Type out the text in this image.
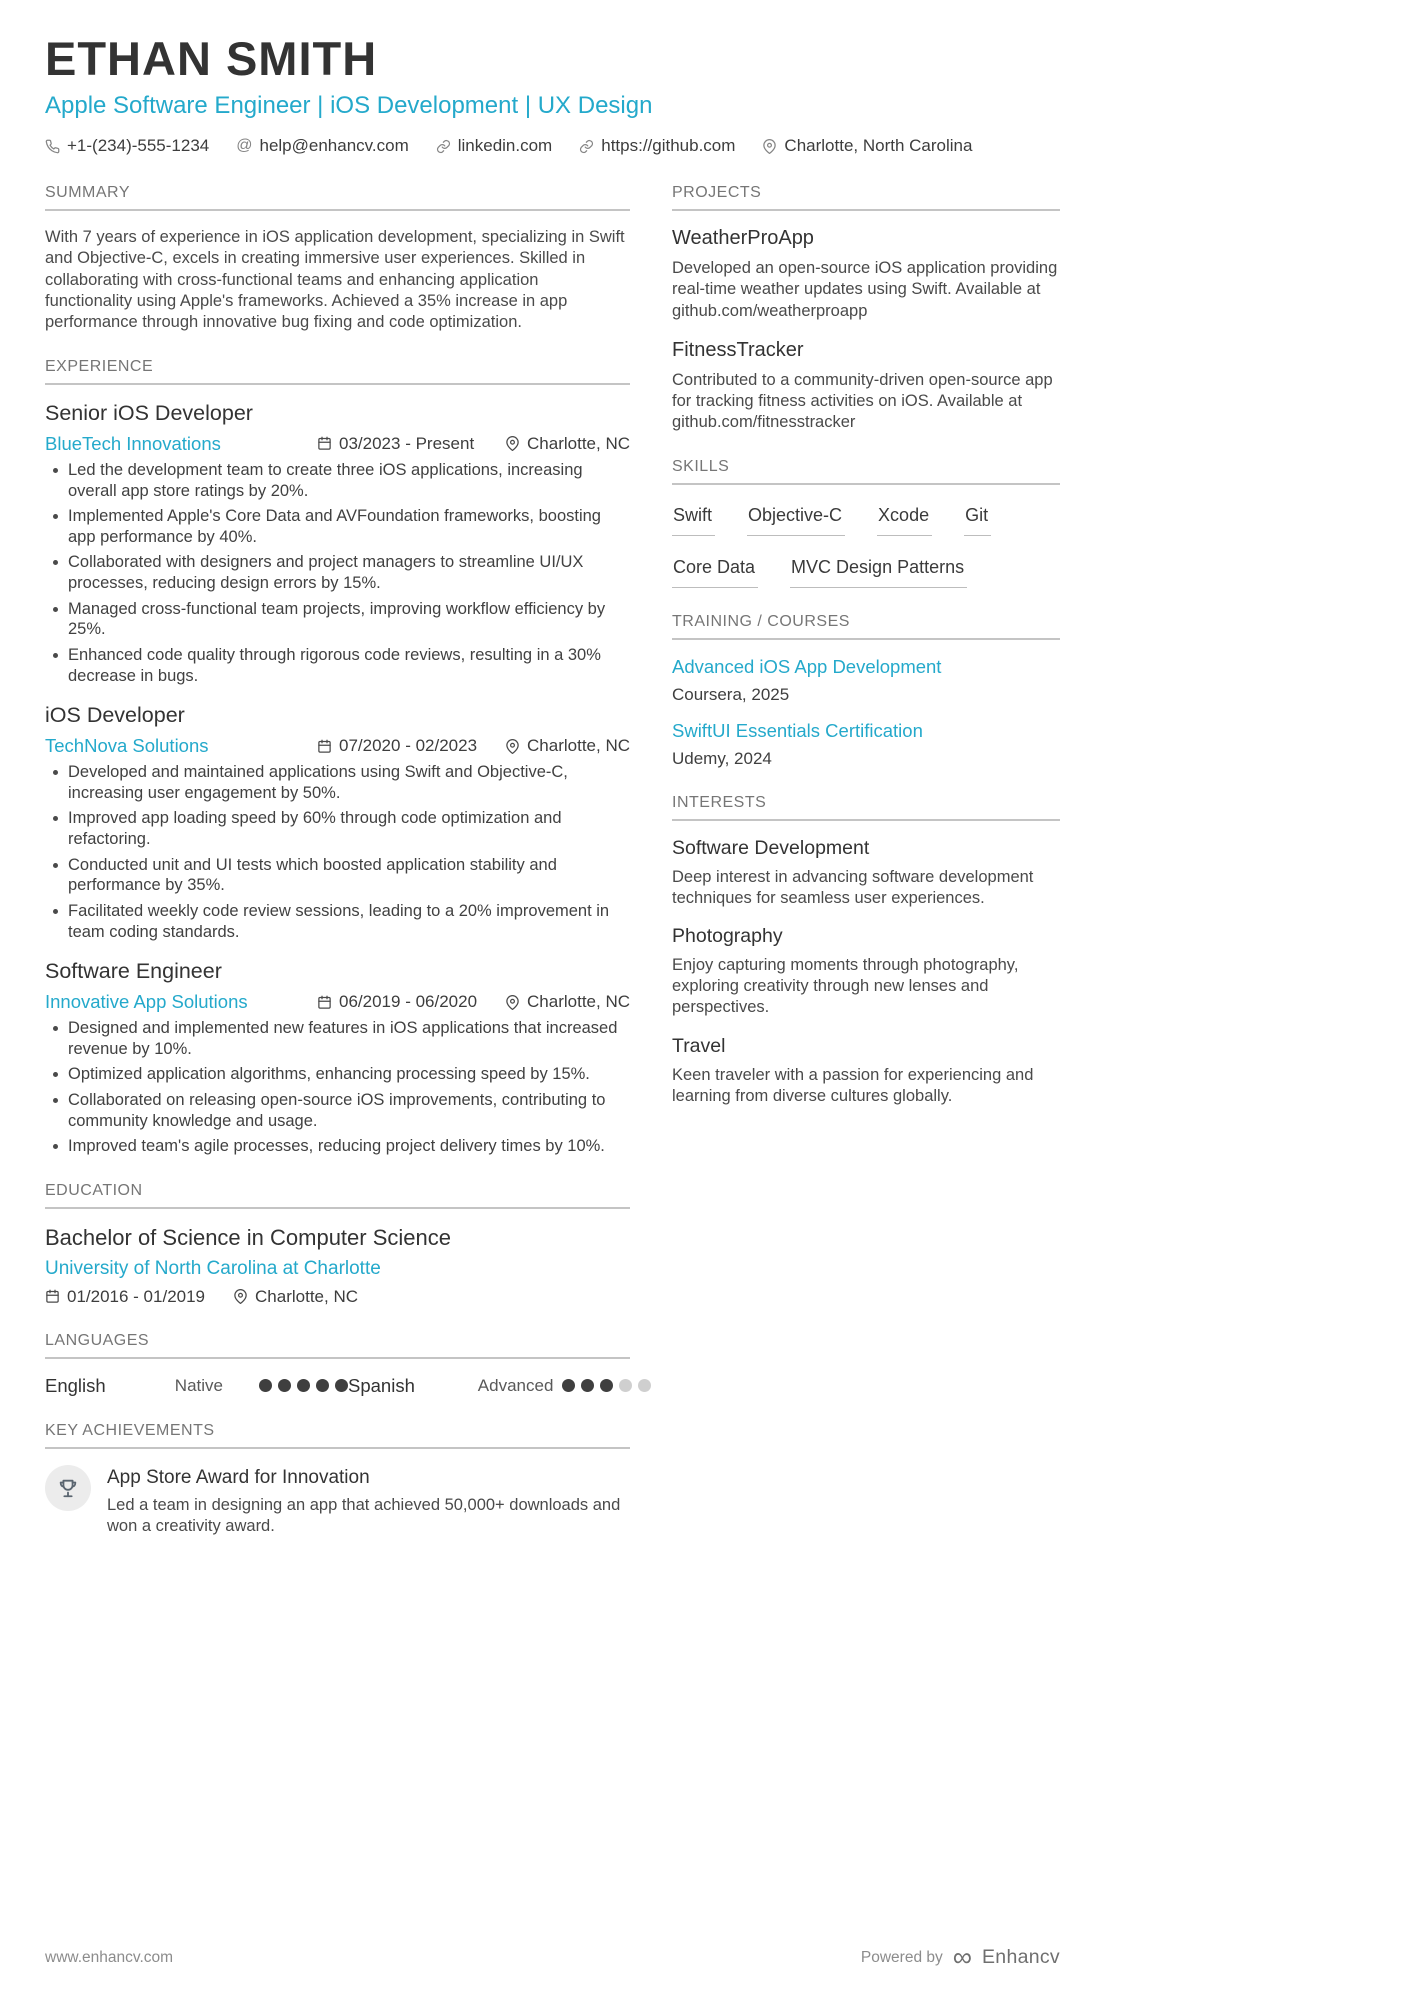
ETHAN SMITH
Apple Software Engineer | iOS Development | UX Design
+1-(234)-555-1234 @ help@enhancv.com	linkedin.com	https://github.com	Charlotte, North Carolina
SUMMARY

With 7 years of experience in iOS application development, specializing in Swift and Objective-C, excels in creating immersive user experiences. Skilled in collaborating with cross-functional teams and enhancing application functionality using Apple's frameworks. Achieved a 35% increase in app performance through innovative bug fixing and code optimization.

EXPERIENCE
Senior iOS Developer
BlueTech Innovations	03/2023 - Present	Charlotte, NC
Led the development team to create three iOS applications, increasing overall app store ratings by 20%.
Implemented Apple's Core Data and AVFoundation frameworks, boosting app performance by 40%.
Collaborated with designers and project managers to streamline UI/UX processes, reducing design errors by 15%.
Managed cross-functional team projects, improving workflow efficiency by 25%.
Enhanced code quality through rigorous code reviews, resulting in a 30% decrease in bugs.
iOS Developer
TechNova Solutions	07/2020 - 02/2023	Charlotte, NC
Developed and maintained applications using Swift and Objective-C, increasing user engagement by 50%.
Improved app loading speed by 60% through code optimization and refactoring.
Conducted unit and UI tests which boosted application stability and performance by 35%.
Facilitated weekly code review sessions, leading to a 20% improvement in team coding standards.
Software Engineer
Innovative App Solutions	06/2019 - 06/2020	Charlotte, NC
Designed and implemented new features in iOS applications that increased revenue by 10%.
Optimized application algorithms, enhancing processing speed by 15%.
Collaborated on releasing open-source iOS improvements, contributing to community knowledge and usage.
Improved team's agile processes, reducing project delivery times by 10%.
EDUCATION
Bachelor of Science in Computer Science
University of North Carolina at Charlotte
01/2016 - 01/2019	Charlotte, NC
LANGUAGES
English	Native	Spanish	Advanced
KEY ACHIEVEMENTS
App Store Award for Innovation
Led a team in designing an app that achieved 50,000+ downloads and won a creativity award.
PROJECTS
WeatherProApp

Developed an open-source iOS application providing real-time weather updates using Swift. Available at github.com/weatherproapp

FitnessTracker

Contributed to a community-driven open-source app for tracking fitness activities on iOS. Available at github.com/fitnesstracker

SKILLS
Swift Objective-C Xcode Git
Core Data MVC Design Patterns
TRAINING / COURSES
Advanced iOS App Development
Coursera, 2025
SwiftUI Essentials Certification
Udemy, 2024
INTERESTS
Software Development

Deep interest in advancing software development techniques for seamless user experiences.

Photography

Enjoy capturing moments through photography, exploring creativity through new lenses and perspectives.

Travel

Keen traveler with a passion for experiencing and learning from diverse cultures globally.

www.enhancv.com	Powered by ∞ Enhancv
